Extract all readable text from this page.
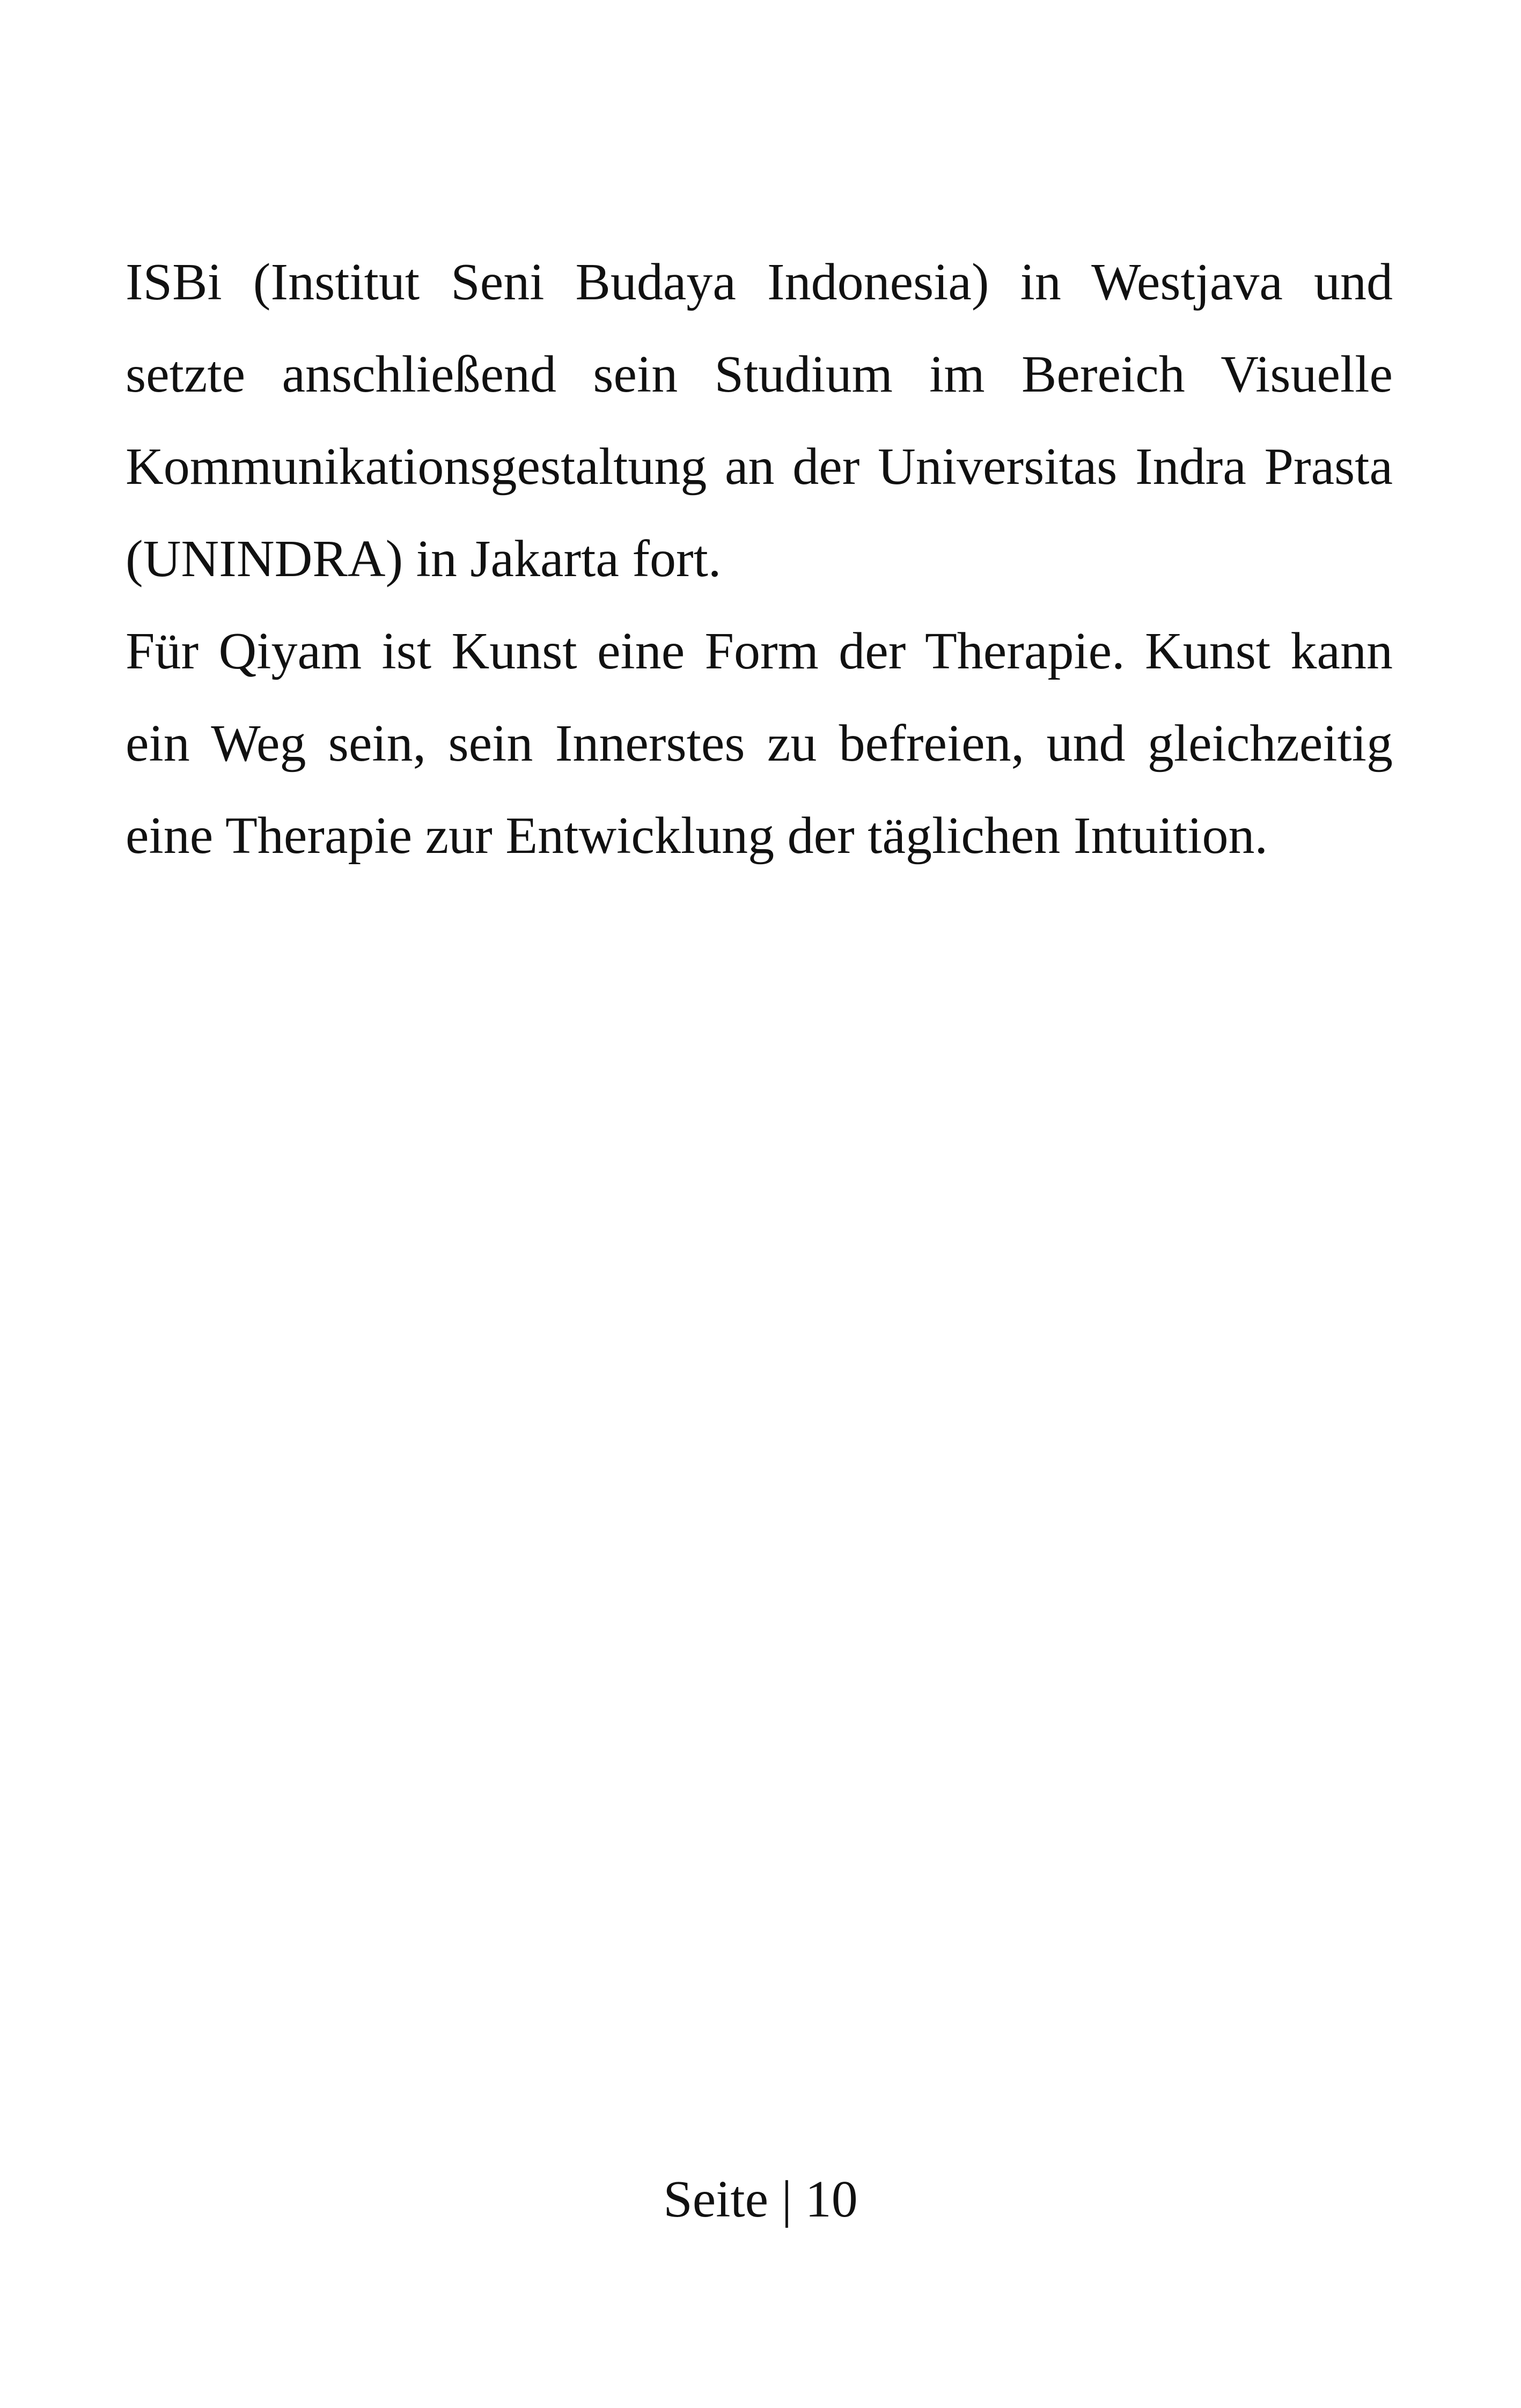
ISBi (Institut Seni Budaya Indonesia) in Westjava und
setzte anschließend sein Studium im Bereich Visuelle
Kommunikationsgestaltung an der Universitas Indra Prasta
(UNINDRA) in Jakarta fort.
Für Qiyam ist Kunst eine Form der Therapie. Kunst kann
ein Weg sein, sein Innerstes zu befreien, und gleichzeitig
eine Therapie zur Entwicklung der täglichen Intuition.
Seite | 10
